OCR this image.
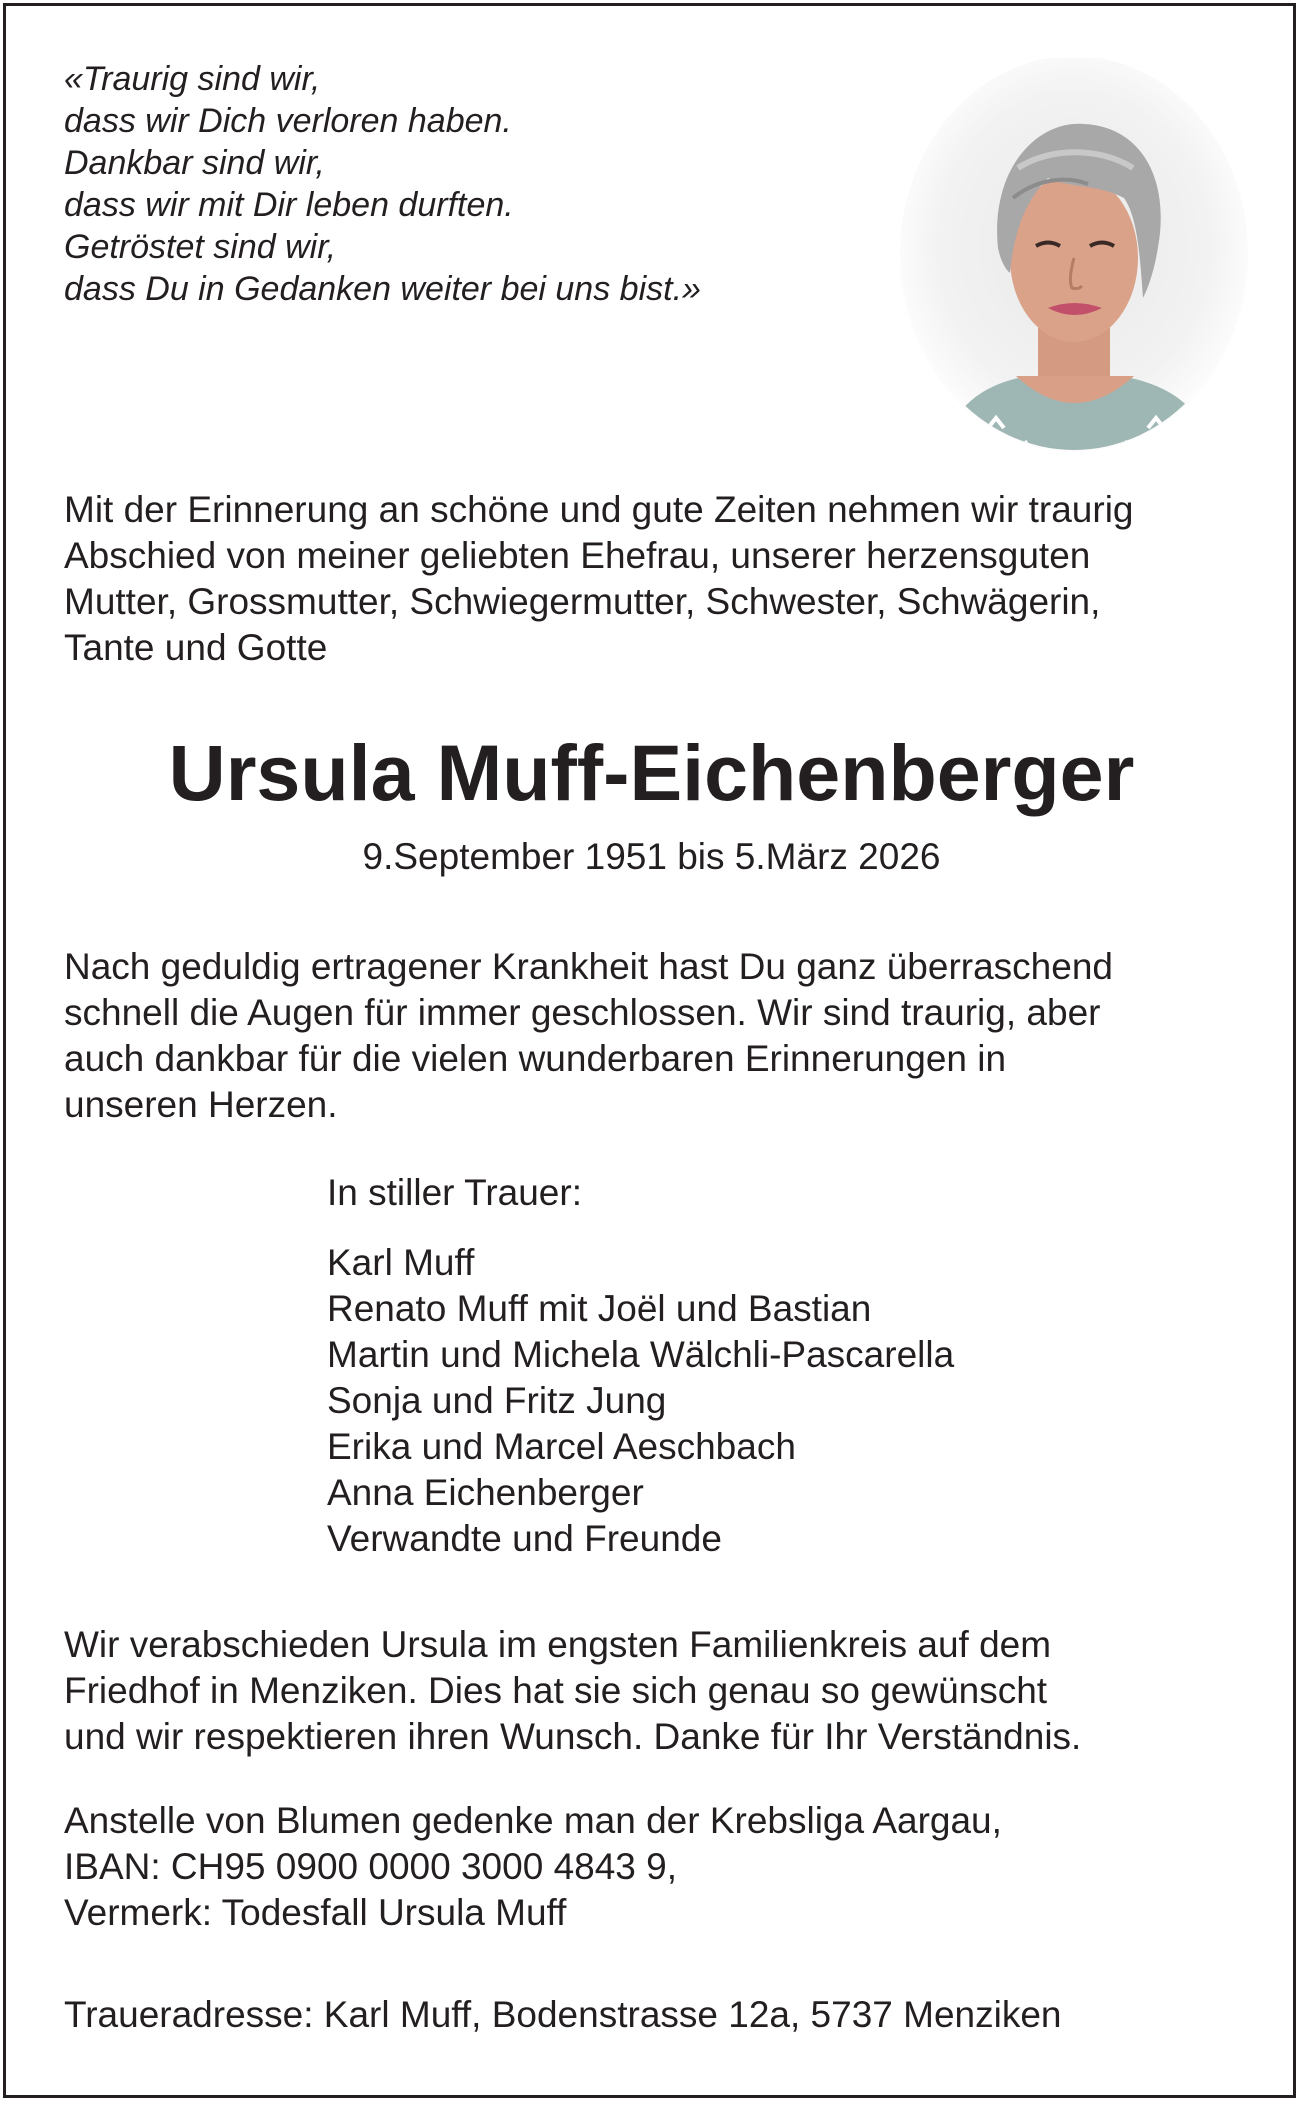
«Traurig sind wir,
dass wir Dich verloren haben.
Dankbar sind wir,
dass wir mit Dir leben durften.
Getröstet sind wir,
dass Du in Gedanken weiter bei uns bist.»
Mit der Erinnerung an schöne und gute Zeiten nehmen wir traurig
Abschied von meiner geliebten Ehefrau, unserer herzensguten
Mutter, Grossmutter, Schwiegermutter, Schwester, Schwägerin,
Tante und Gotte
Ursula Muff-Eichenberger
9.September 1951 bis 5.März 2026
Nach geduldig ertragener Krankheit hast Du ganz überraschend
schnell die Augen für immer geschlossen. Wir sind traurig, aber
auch dankbar für die vielen wunderbaren Erinnerungen in
unseren Herzen.
In stiller Trauer:
Karl Muff
Renato Muff mit Joël und Bastian
Martin und Michela Wälchli-Pascarella
Sonja und Fritz Jung
Erika und Marcel Aeschbach
Anna Eichenberger
Verwandte und Freunde
Wir verabschieden Ursula im engsten Familienkreis auf dem
Friedhof in Menziken. Dies hat sie sich genau so gewünscht
und wir respektieren ihren Wunsch. Danke für Ihr Verständnis.
Anstelle von Blumen gedenke man der Krebsliga Aargau,
IBAN: CH95 0900 0000 3000 4843 9,
Vermerk: Todesfall Ursula Muff
Traueradresse: Karl Muff, Bodenstrasse 12a, 5737 Menziken
